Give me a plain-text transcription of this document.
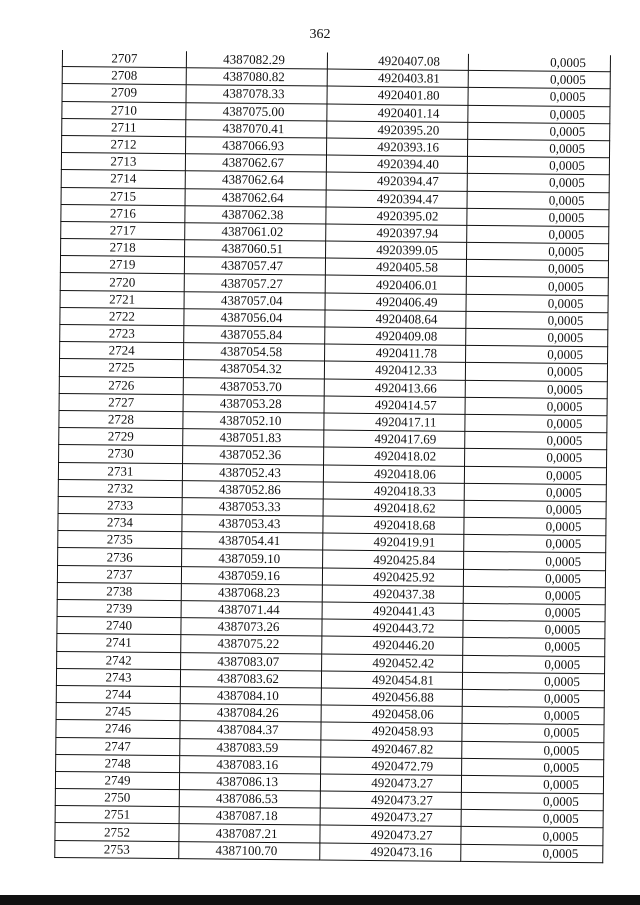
362
2707	4387082.29	4920407.08	0,0005
2708	4387080.82	4920403.81	0,0005
2709	4387078.33	4920401.80	0,0005
2710	4387075.00	4920401.14	0,0005
2711	4387070.41	4920395.20	0,0005
2712	4387066.93	4920393.16	0,0005
2713	4387062.67	4920394.40	0,0005
2714	4387062.64	4920394.47	0,0005
2715	4387062.64	4920394.47	0,0005
2716	4387062.38	4920395.02	0,0005
2717	4387061.02	4920397.94	0,0005
2718	4387060.51	4920399.05	0,0005
2719	4387057.47	4920405.58	0,0005
2720	4387057.27	4920406.01	0,0005
2721	4387057.04	4920406.49	0,0005
2722	4387056.04	4920408.64	0,0005
2723	4387055.84	4920409.08	0,0005
2724	4387054.58	4920411.78	0,0005
2725	4387054.32	4920412.33	0,0005
2726	4387053.70	4920413.66	0,0005
2727	4387053.28	4920414.57	0,0005
2728	4387052.10	4920417.11	0,0005
2729	4387051.83	4920417.69	0,0005
2730	4387052.36	4920418.02	0,0005
2731	4387052.43	4920418.06	0,0005
2732	4387052.86	4920418.33	0,0005
2733	4387053.33	4920418.62	0,0005
2734	4387053.43	4920418.68	0,0005
2735	4387054.41	4920419.91	0,0005
2736	4387059.10	4920425.84	0,0005
2737	4387059.16	4920425.92	0,0005
2738	4387068.23	4920437.38	0,0005
2739	4387071.44	4920441.43	0,0005
2740	4387073.26	4920443.72	0,0005
2741	4387075.22	4920446.20	0,0005
2742	4387083.07	4920452.42	0,0005
2743	4387083.62	4920454.81	0,0005
2744	4387084.10	4920456.88	0,0005
2745	4387084.26	4920458.06	0,0005
2746	4387084.37	4920458.93	0,0005
2747	4387083.59	4920467.82	0,0005
2748	4387083.16	4920472.79	0,0005
2749	4387086.13	4920473.27	0,0005
2750	4387086.53	4920473.27	0,0005
2751	4387087.18	4920473.27	0,0005
2752	4387087.21	4920473.27	0,0005
2753	4387100.70	4920473.16	0,0005
